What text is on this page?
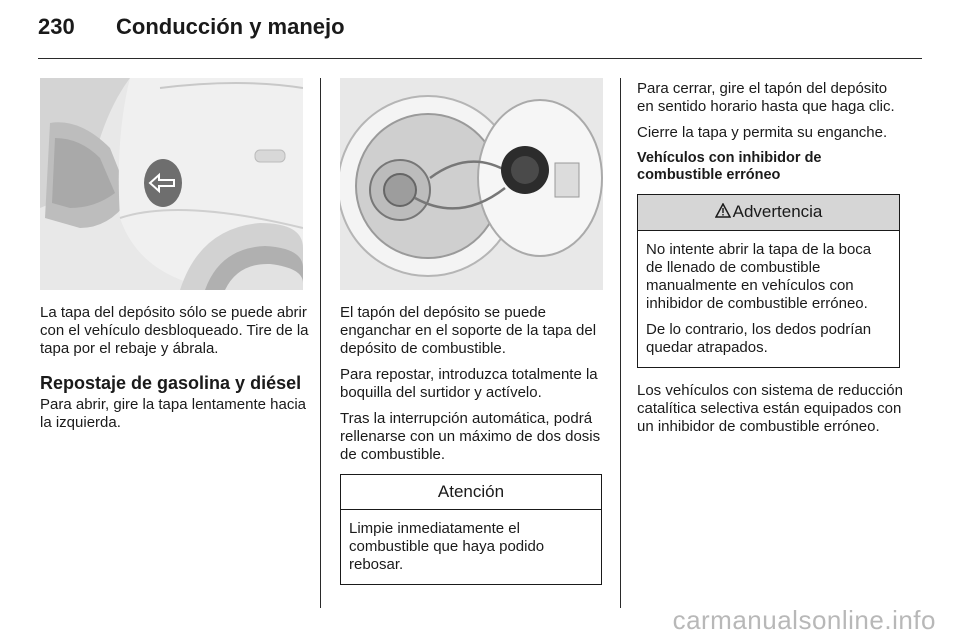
230 Conducción y manejo

La tapa del depósito sólo se puede abrir con el vehículo desbloqueado. Tire de la tapa por el rebaje y ábrala.

Repostaje de gasolina y diésel

Para abrir, gire la tapa lentamente hacia la izquierda.

El tapón del depósito se puede enganchar en el soporte de la tapa del depósito de combustible.

Para repostar, introduzca totalmente la boquilla del surtidor y actívelo.

Tras la interrupción automática, podrá rellenarse con un máximo de dos dosis de combustible.

Atención

Limpie inmediatamente el combustible que haya podido rebosar.

Para cerrar, gire el tapón del depósito en sentido horario hasta que haga clic.

Cierre la tapa y permita su enganche.

Vehículos con inhibidor de combustible erróneo
Advertencia

No intente abrir la tapa de la boca de llenado de combustible manualmente en vehículos con inhibidor de combustible erróneo.

De lo contrario, los dedos podrían quedar atrapados.

Los vehículos con sistema de reducción catalítica selectiva están equipados con un inhibidor de combustible erróneo.

carmanualsonline.info
